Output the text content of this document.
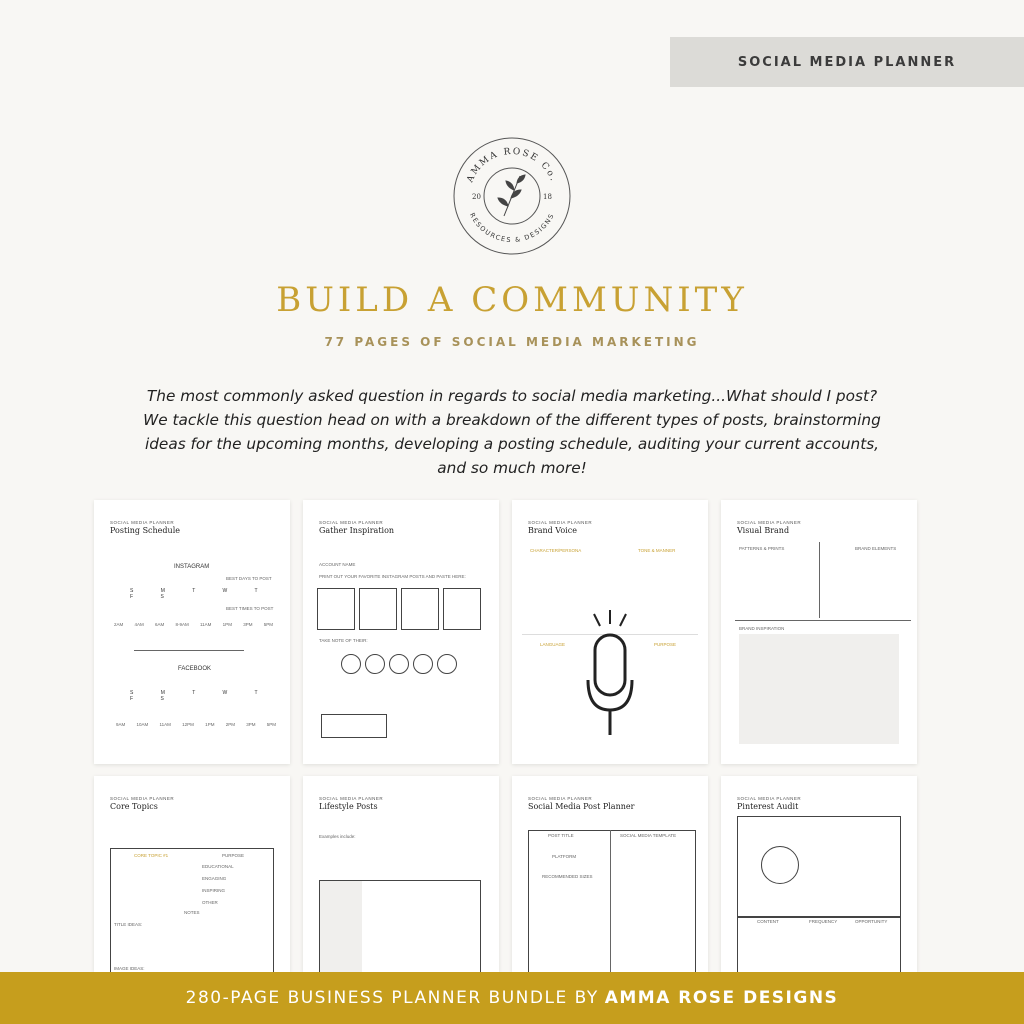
SOCIAL MEDIA PLANNER
AMMA ROSE Co.
RESOURCES & DESIGNS
20	18
BUILD A COMMUNITY
77 PAGES OF SOCIAL MEDIA MARKETING
The most commonly asked question in regards to social media marketing...What should I post? We tackle this question head on with a breakdown of the different types of posts, brainstorming ideas for the upcoming months, developing a posting schedule, auditing your current accounts, and so much more!
SOCIAL MEDIA PLANNER
Posting Schedule
INSTAGRAM
BEST DAYS TO POST
S M T W T F S
BEST TIMES TO POST
2AM 4AM 6AM 8-9AM 11AM 1PM 3PM 5PM
FACEBOOK
S M T W T F S
9AM 10AM 11AM 12PM 1PM 2PM 3PM 5PM
SOCIAL MEDIA PLANNER
Gather Inspiration
ACCOUNT NAME
PRINT OUT YOUR FAVORITE INSTAGRAM POSTS AND PASTE HERE:
TAKE NOTE OF THEIR:
SOCIAL MEDIA PLANNER
Brand Voice
CHARACTER/PERSONA	TONE & MANNER
LANGUAGE	PURPOSE
SOCIAL MEDIA PLANNER
Visual Brand
PATTERNS & PRINTS	BRAND ELEMENTS
BRAND INSPIRATION
SOCIAL MEDIA PLANNER
Core Topics
CORE TOPIC #1	PURPOSE
EDUCATIONAL
ENGAGING
INSPIRING
OTHER
NOTES
TITLE IDEAS:
IMAGE IDEAS:
SOCIAL MEDIA PLANNER
Lifestyle Posts
Examples include:
SOCIAL MEDIA PLANNER
Social Media Post Planner
POST TITLE	SOCIAL MEDIA TEMPLATE
PLATFORM
RECOMMENDED SIZES
SOCIAL MEDIA PLANNER
Pinterest Audit
CONTENT	FREQUENCY	OPPORTUNITY
280-PAGE BUSINESS PLANNER BUNDLE BY AMMA ROSE DESIGNS
